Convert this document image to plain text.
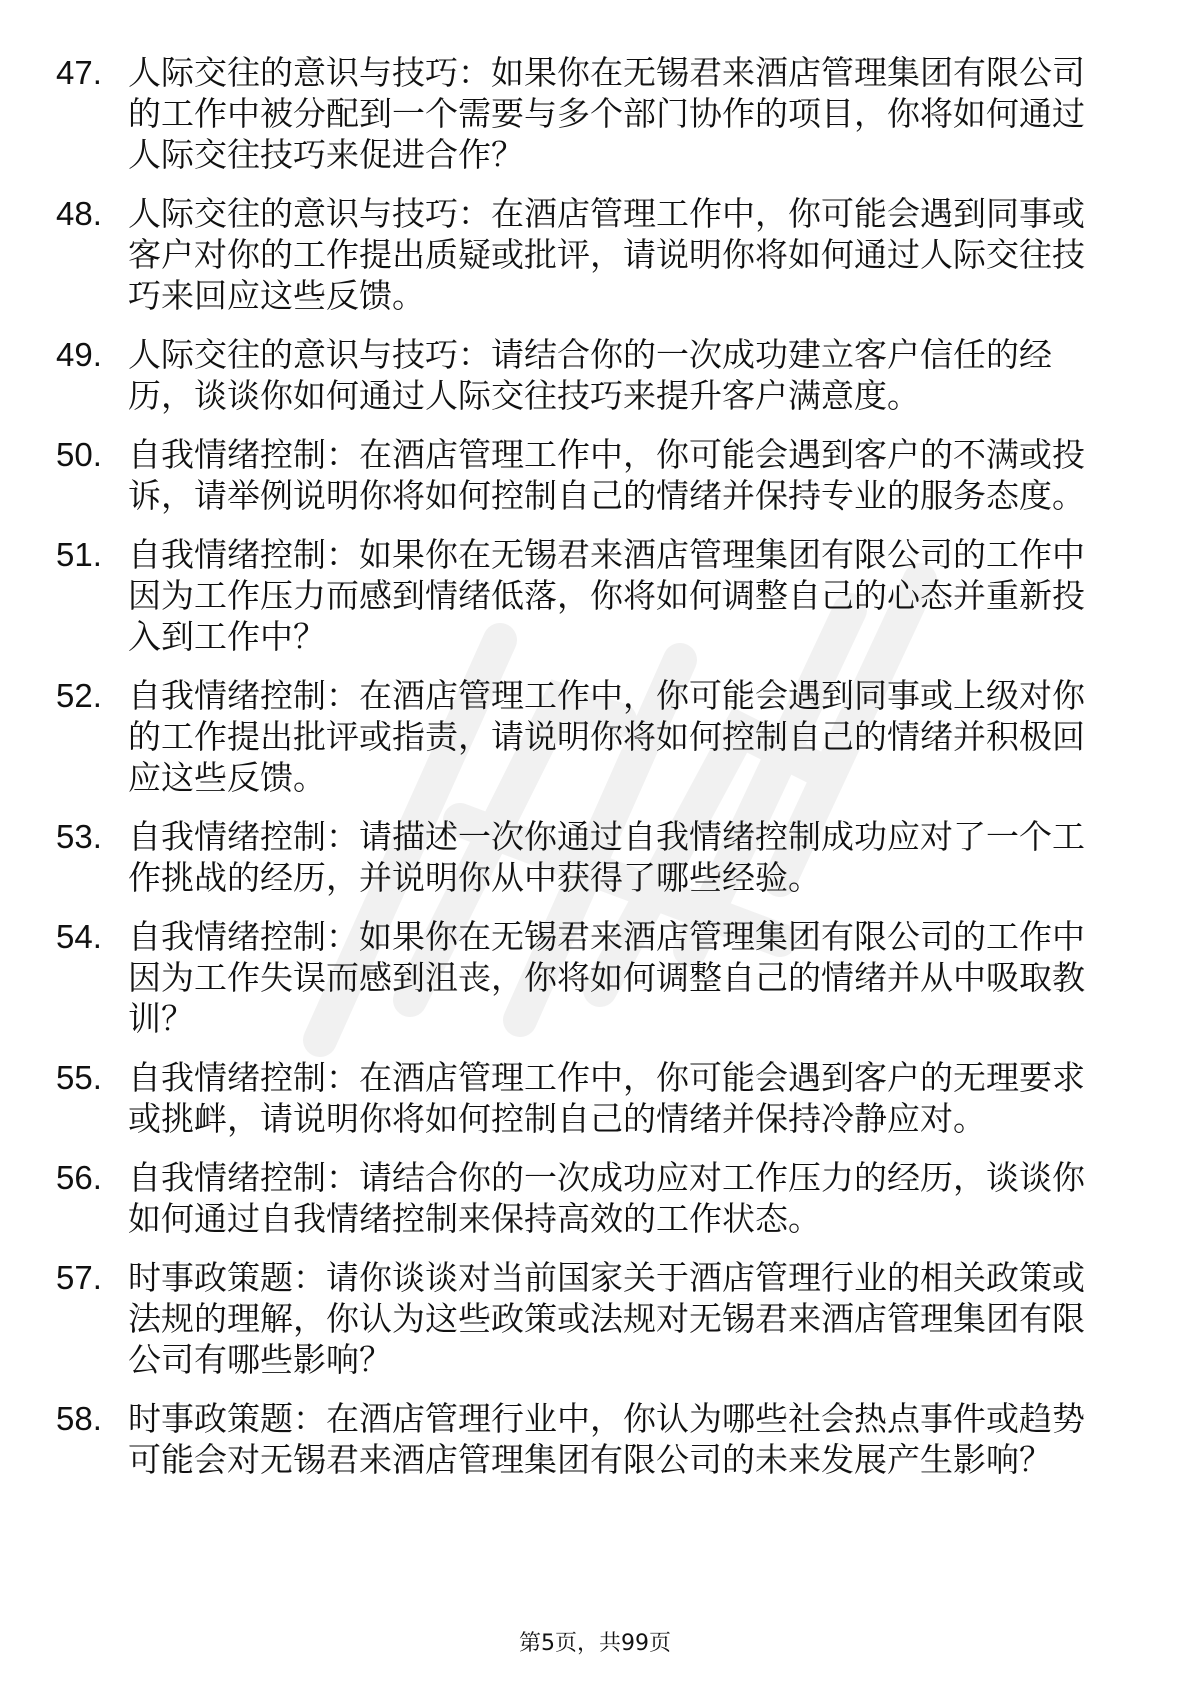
47. 人际交往的意识与技巧：如果你在无锡君来酒店管理集团有限公司的工作中被分配到一个需要与多个部门协作的项目，你将如何通过人际交往技巧来促进合作？
48. 人际交往的意识与技巧：在酒店管理工作中，你可能会遇到同事或客户对你的工作提出质疑或批评，请说明你将如何通过人际交往技巧来回应这些反馈。
49. 人际交往的意识与技巧：请结合你的一次成功建立客户信任的经历，谈谈你如何通过人际交往技巧来提升客户满意度。
50. 自我情绪控制：在酒店管理工作中，你可能会遇到客户的不满或投诉，请举例说明你将如何控制自己的情绪并保持专业的服务态度。
51. 自我情绪控制：如果你在无锡君来酒店管理集团有限公司的工作中因为工作压力而感到情绪低落，你将如何调整自己的心态并重新投入到工作中？
52. 自我情绪控制：在酒店管理工作中，你可能会遇到同事或上级对你的工作提出批评或指责，请说明你将如何控制自己的情绪并积极回应这些反馈。
53. 自我情绪控制：请描述一次你通过自我情绪控制成功应对了一个工作挑战的经历，并说明你从中获得了哪些经验。
54. 自我情绪控制：如果你在无锡君来酒店管理集团有限公司的工作中因为工作失误而感到沮丧，你将如何调整自己的情绪并从中吸取教训？
55. 自我情绪控制：在酒店管理工作中，你可能会遇到客户的无理要求或挑衅，请说明你将如何控制自己的情绪并保持冷静应对。
56. 自我情绪控制：请结合你的一次成功应对工作压力的经历，谈谈你如何通过自我情绪控制来保持高效的工作状态。
57. 时事政策题：请你谈谈对当前国家关于酒店管理行业的相关政策或法规的理解，你认为这些政策或法规对无锡君来酒店管理集团有限公司有哪些影响？
58. 时事政策题：在酒店管理行业中，你认为哪些社会热点事件或趋势可能会对无锡君来酒店管理集团有限公司的未来发展产生影响？
第5页，共99页
